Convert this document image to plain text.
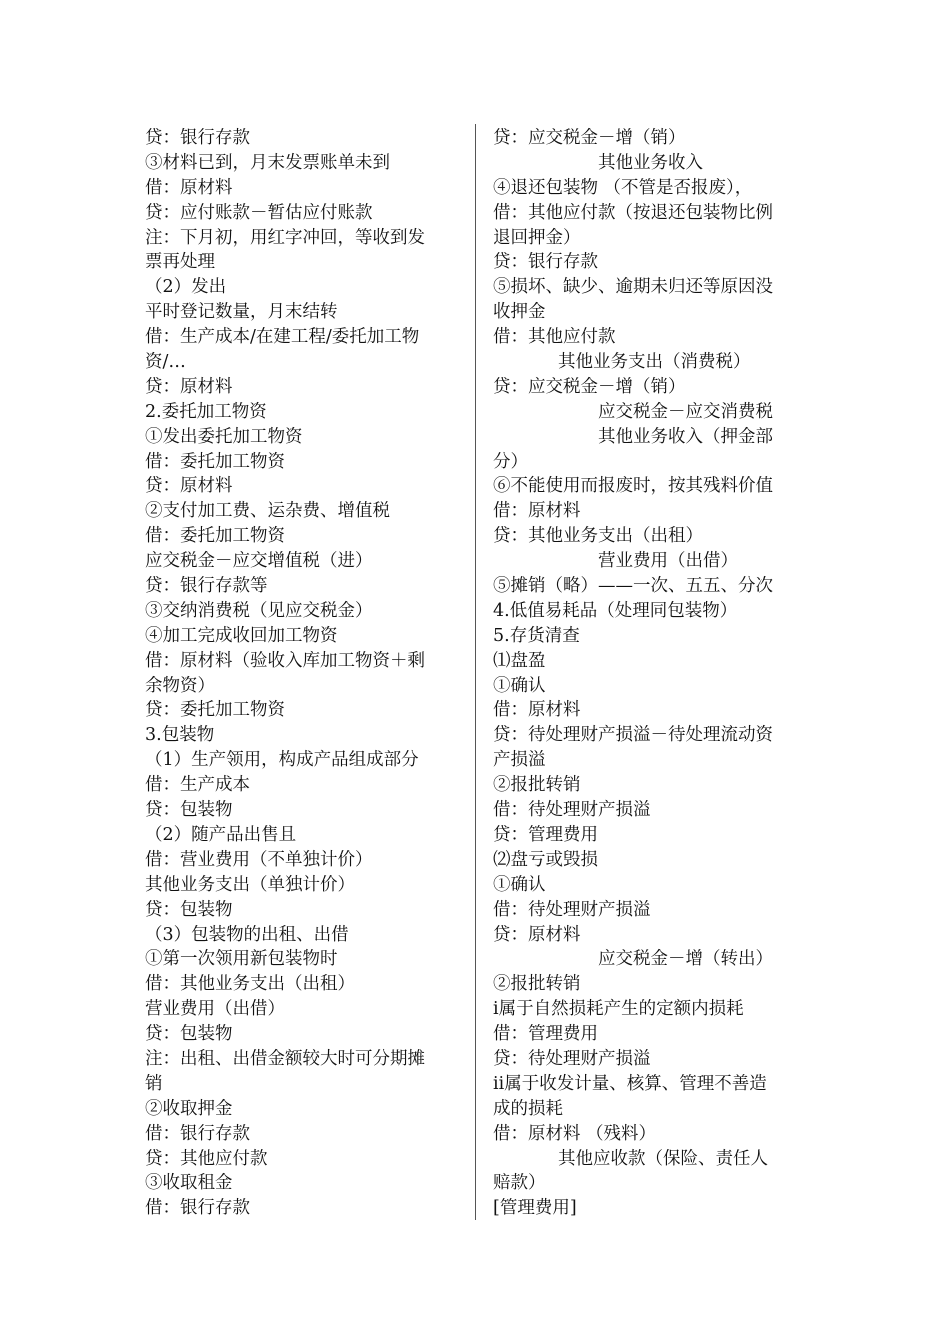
贷：银行存款
③材料已到，月末发票账单未到
借：原材料
贷：应付账款－暂估应付账款
注：下月初，用红字冲回，等收到发
票再处理
（2）发出
平时登记数量，月末结转
借：生产成本/在建工程/委托加工物
资/…
贷：原材料
2.委托加工物资
①发出委托加工物资
借：委托加工物资
贷：原材料
②支付加工费、运杂费、增值税
借：委托加工物资
应交税金－应交增值税（进）
贷：银行存款等
③交纳消费税（见应交税金）
④加工完成收回加工物资
借：原材料（验收入库加工物资＋剩
余物资）
贷：委托加工物资
3.包装物
（1）生产领用，构成产品组成部分
借：生产成本
贷：包装物
（2）随产品出售且
借：营业费用（不单独计价）
其他业务支出（单独计价）
贷：包装物
（3）包装物的出租、出借
①第一次领用新包装物时
借：其他业务支出（出租）
营业费用（出借）
贷：包装物
注：出租、出借金额较大时可分期摊
销
②收取押金
借：银行存款
贷：其他应付款
③收取租金
借：银行存款
贷：应交税金－增（销）
其他业务收入
④退还包装物 （不管是否报废），
借：其他应付款（按退还包装物比例
退回押金）
贷：银行存款
⑤损坏、缺少、逾期未归还等原因没
收押金
借：其他应付款
其他业务支出（消费税）
贷：应交税金－增（销）
应交税金－应交消费税
其他业务收入（押金部
分）
⑥不能使用而报废时，按其残料价值
借：原材料
贷：其他业务支出（出租）
营业费用（出借）
⑤摊销（略）——一次、五五、分次
4.低值易耗品（处理同包装物）
5.存货清查
⑴盘盈
①确认
借：原材料
贷：待处理财产损溢－待处理流动资
产损溢
②报批转销
借：待处理财产损溢
贷：管理费用
⑵盘亏或毁损
①确认
借：待处理财产损溢
贷：原材料
应交税金－增（转出）
②报批转销
ⅰ属于自然损耗产生的定额内损耗
借：管理费用
贷：待处理财产损溢
ⅱ属于收发计量、核算、管理不善造
成的损耗
借：原材料 （残料）
其他应收款（保险、责任人
赔款）
[管理费用]
